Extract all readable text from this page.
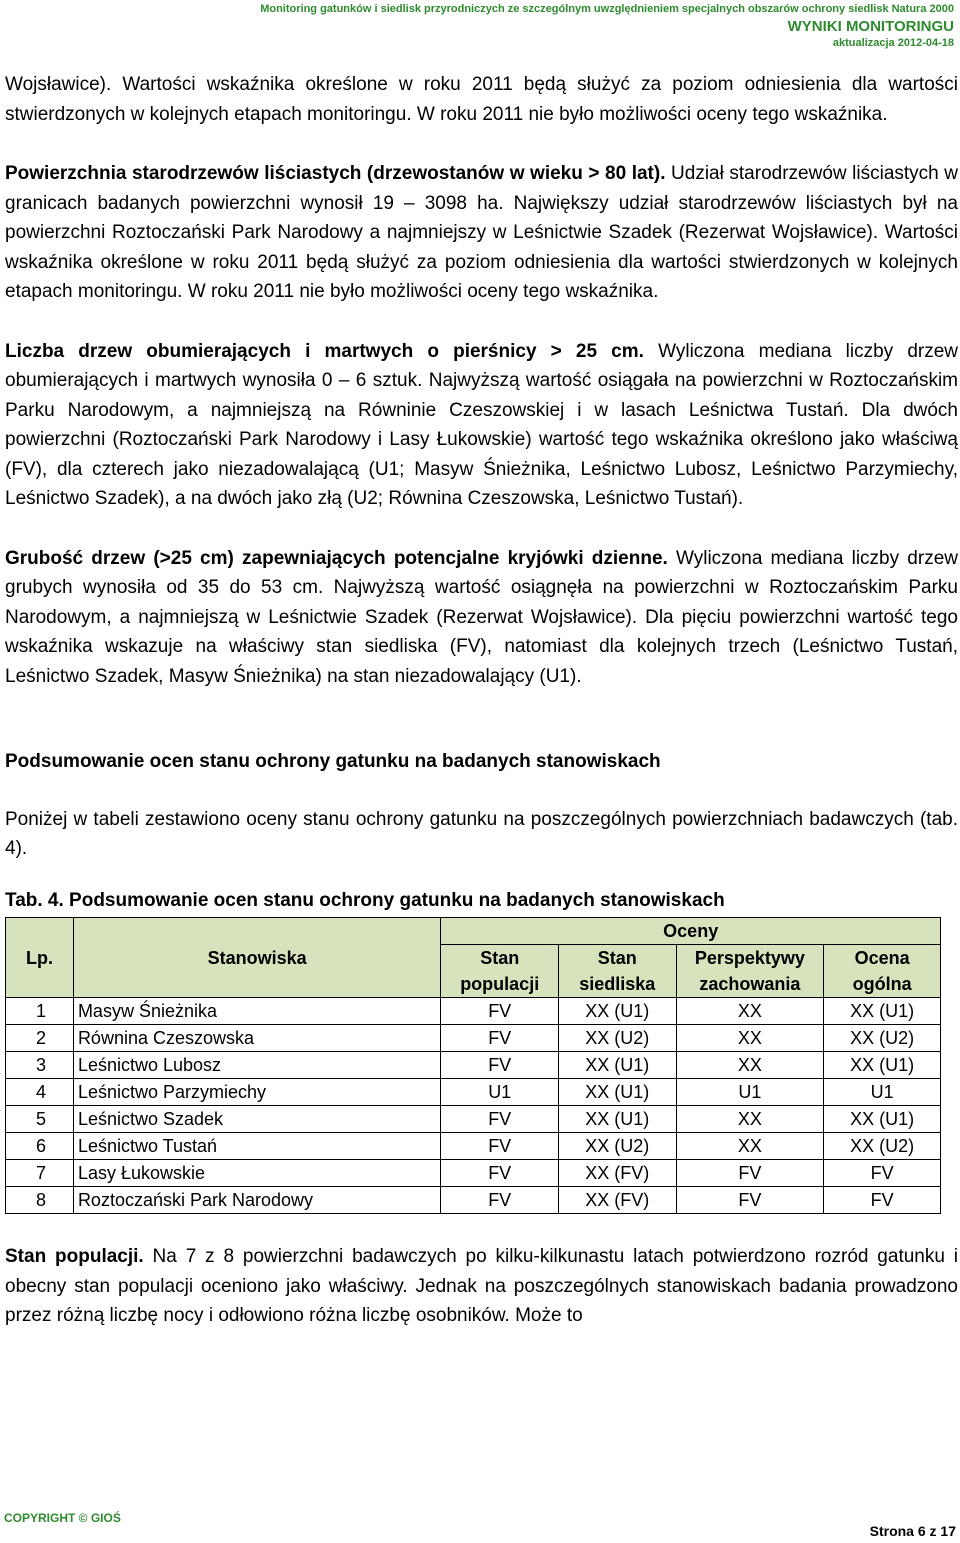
Monitoring gatunków i siedlisk przyrodniczych ze szczególnym uwzględnieniem specjalnych obszarów ochrony siedlisk Natura 2000
WYNIKI MONITORINGU
aktualizacja 2012-04-18

Wojsławice). Wartości wskaźnika określone w roku 2011 będą służyć za poziom odniesienia dla wartości stwierdzonych w kolejnych etapach monitoringu. W roku 2011 nie było możliwości oceny tego wskaźnika.

Powierzchnia starodrzewów liściastych (drzewostanów w wieku > 80 lat). Udział starodrzewów liściastych w granicach badanych powierzchni wynosił 19 – 3098 ha. Największy udział starodrzewów liściastych był na powierzchni Roztoczański Park Narodowy a najmniejszy w Leśnictwie Szadek (Rezerwat Wojsławice). Wartości wskaźnika określone w roku 2011 będą służyć za poziom odniesienia dla wartości stwierdzonych w kolejnych etapach monitoringu. W roku 2011 nie było możliwości oceny tego wskaźnika.

Liczba drzew obumierających i martwych o pierśnicy > 25 cm. Wyliczona mediana liczby drzew obumierających i martwych wynosiła 0 – 6 sztuk. Najwyższą wartość osiągała na powierzchni w Roztoczańskim Parku Narodowym, a najmniejszą na Równinie Czeszowskiej i w lasach Leśnictwa Tustań. Dla dwóch powierzchni (Roztoczański Park Narodowy i Lasy Łukowskie) wartość tego wskaźnika określono jako właściwą (FV), dla czterech jako niezadowalającą (U1; Masyw Śnieżnika, Leśnictwo Lubosz, Leśnictwo Parzymiechy, Leśnictwo Szadek), a na dwóch jako złą (U2; Równina Czeszowska, Leśnictwo Tustań).

Grubość drzew (>25 cm) zapewniających potencjalne kryjówki dzienne. Wyliczona mediana liczby drzew grubych wynosiła od 35 do 53 cm. Najwyższą wartość osiągnęła na powierzchni w Roztoczańskim Parku Narodowym, a najmniejszą w Leśnictwie Szadek (Rezerwat Wojsławice). Dla pięciu powierzchni wartość tego wskaźnika wskazuje na właściwy stan siedliska (FV), natomiast dla kolejnych trzech (Leśnictwo Tustań, Leśnictwo Szadek, Masyw Śnieżnika) na stan niezadowalający (U1).

Podsumowanie ocen stanu ochrony gatunku na badanych stanowiskach

Poniżej w tabeli zestawiono oceny stanu ochrony gatunku na poszczególnych powierzchniach badawczych (tab. 4).

Tab. 4. Podsumowanie ocen stanu ochrony gatunku na badanych stanowiskach
Lp.	Stanowiska	Oceny			
		Stan populacji	Stan siedliska	Perspektywy zachowania	Ocena ogólna
1	Masyw Śnieżnika	FV	XX (U1)	XX	XX (U1)
2	Równina Czeszowska	FV	XX (U2)	XX	XX (U2)
3	Leśnictwo Lubosz	FV	XX (U1)	XX	XX (U1)
4	Leśnictwo Parzymiechy	U1	XX (U1)	U1	U1
5	Leśnictwo Szadek	FV	XX (U1)	XX	XX (U1)
6	Leśnictwo Tustań	FV	XX (U2)	XX	XX (U2)
7	Lasy Łukowskie	FV	XX (FV)	FV	FV
8	Roztoczański Park Narodowy	FV	XX (FV)	FV	FV

Stan populacji. Na 7 z 8 powierzchni badawczych po kilku-kilkunastu latach potwierdzono rozród gatunku i obecny stan populacji oceniono jako właściwy. Jednak na poszczególnych stanowiskach badania prowadzono przez różną liczbę nocy i odłowiono różna liczbę osobników. Może to

COPYRIGHT © GIOŚ
Strona 6 z 17
